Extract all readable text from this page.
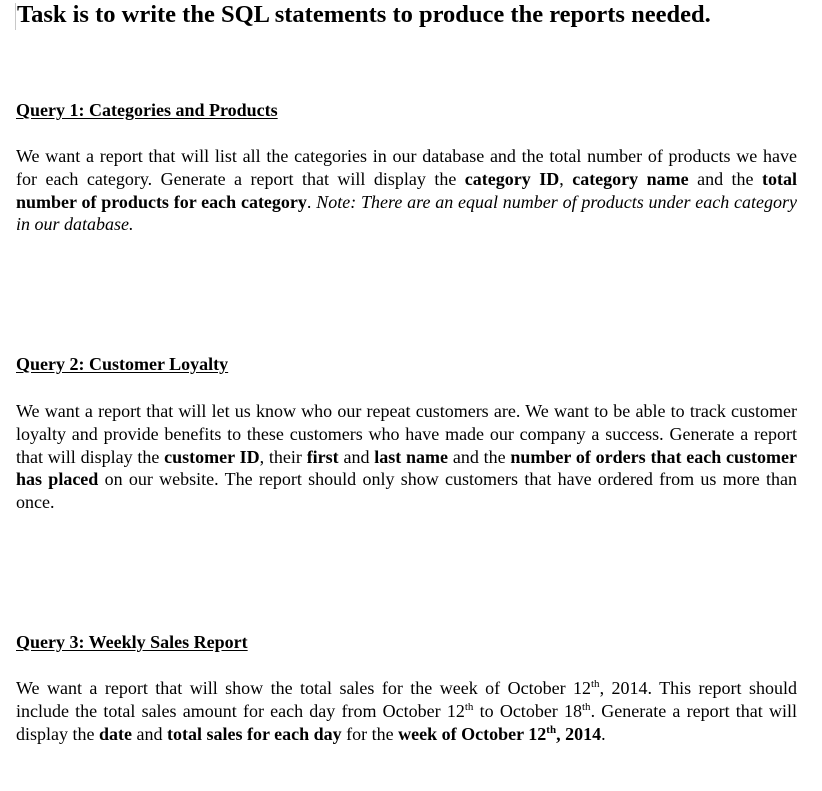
Task is to write the SQL statements to produce the reports needed.
Query 1: Categories and Products

We want a report that will list all the categories in our database and the total number of products we have for each category. Generate a report that will display the category ID, category name and the total number of products for each category. Note: There are an equal number of products under each category in our database.

Query 2: Customer Loyalty

We want a report that will let us know who our repeat customers are. We want to be able to track customer loyalty and provide benefits to these customers who have made our company a success. Generate a report that will display the customer ID, their first and last name and the number of orders that each customer has placed on our website. The report should only show customers that have ordered from us more than once.

Query 3: Weekly Sales Report

We want a report that will show the total sales for the week of October 12th, 2014. This report should include the total sales amount for each day from October 12th to October 18th. Generate a report that will display the date and total sales for each day for the week of October 12th, 2014.
